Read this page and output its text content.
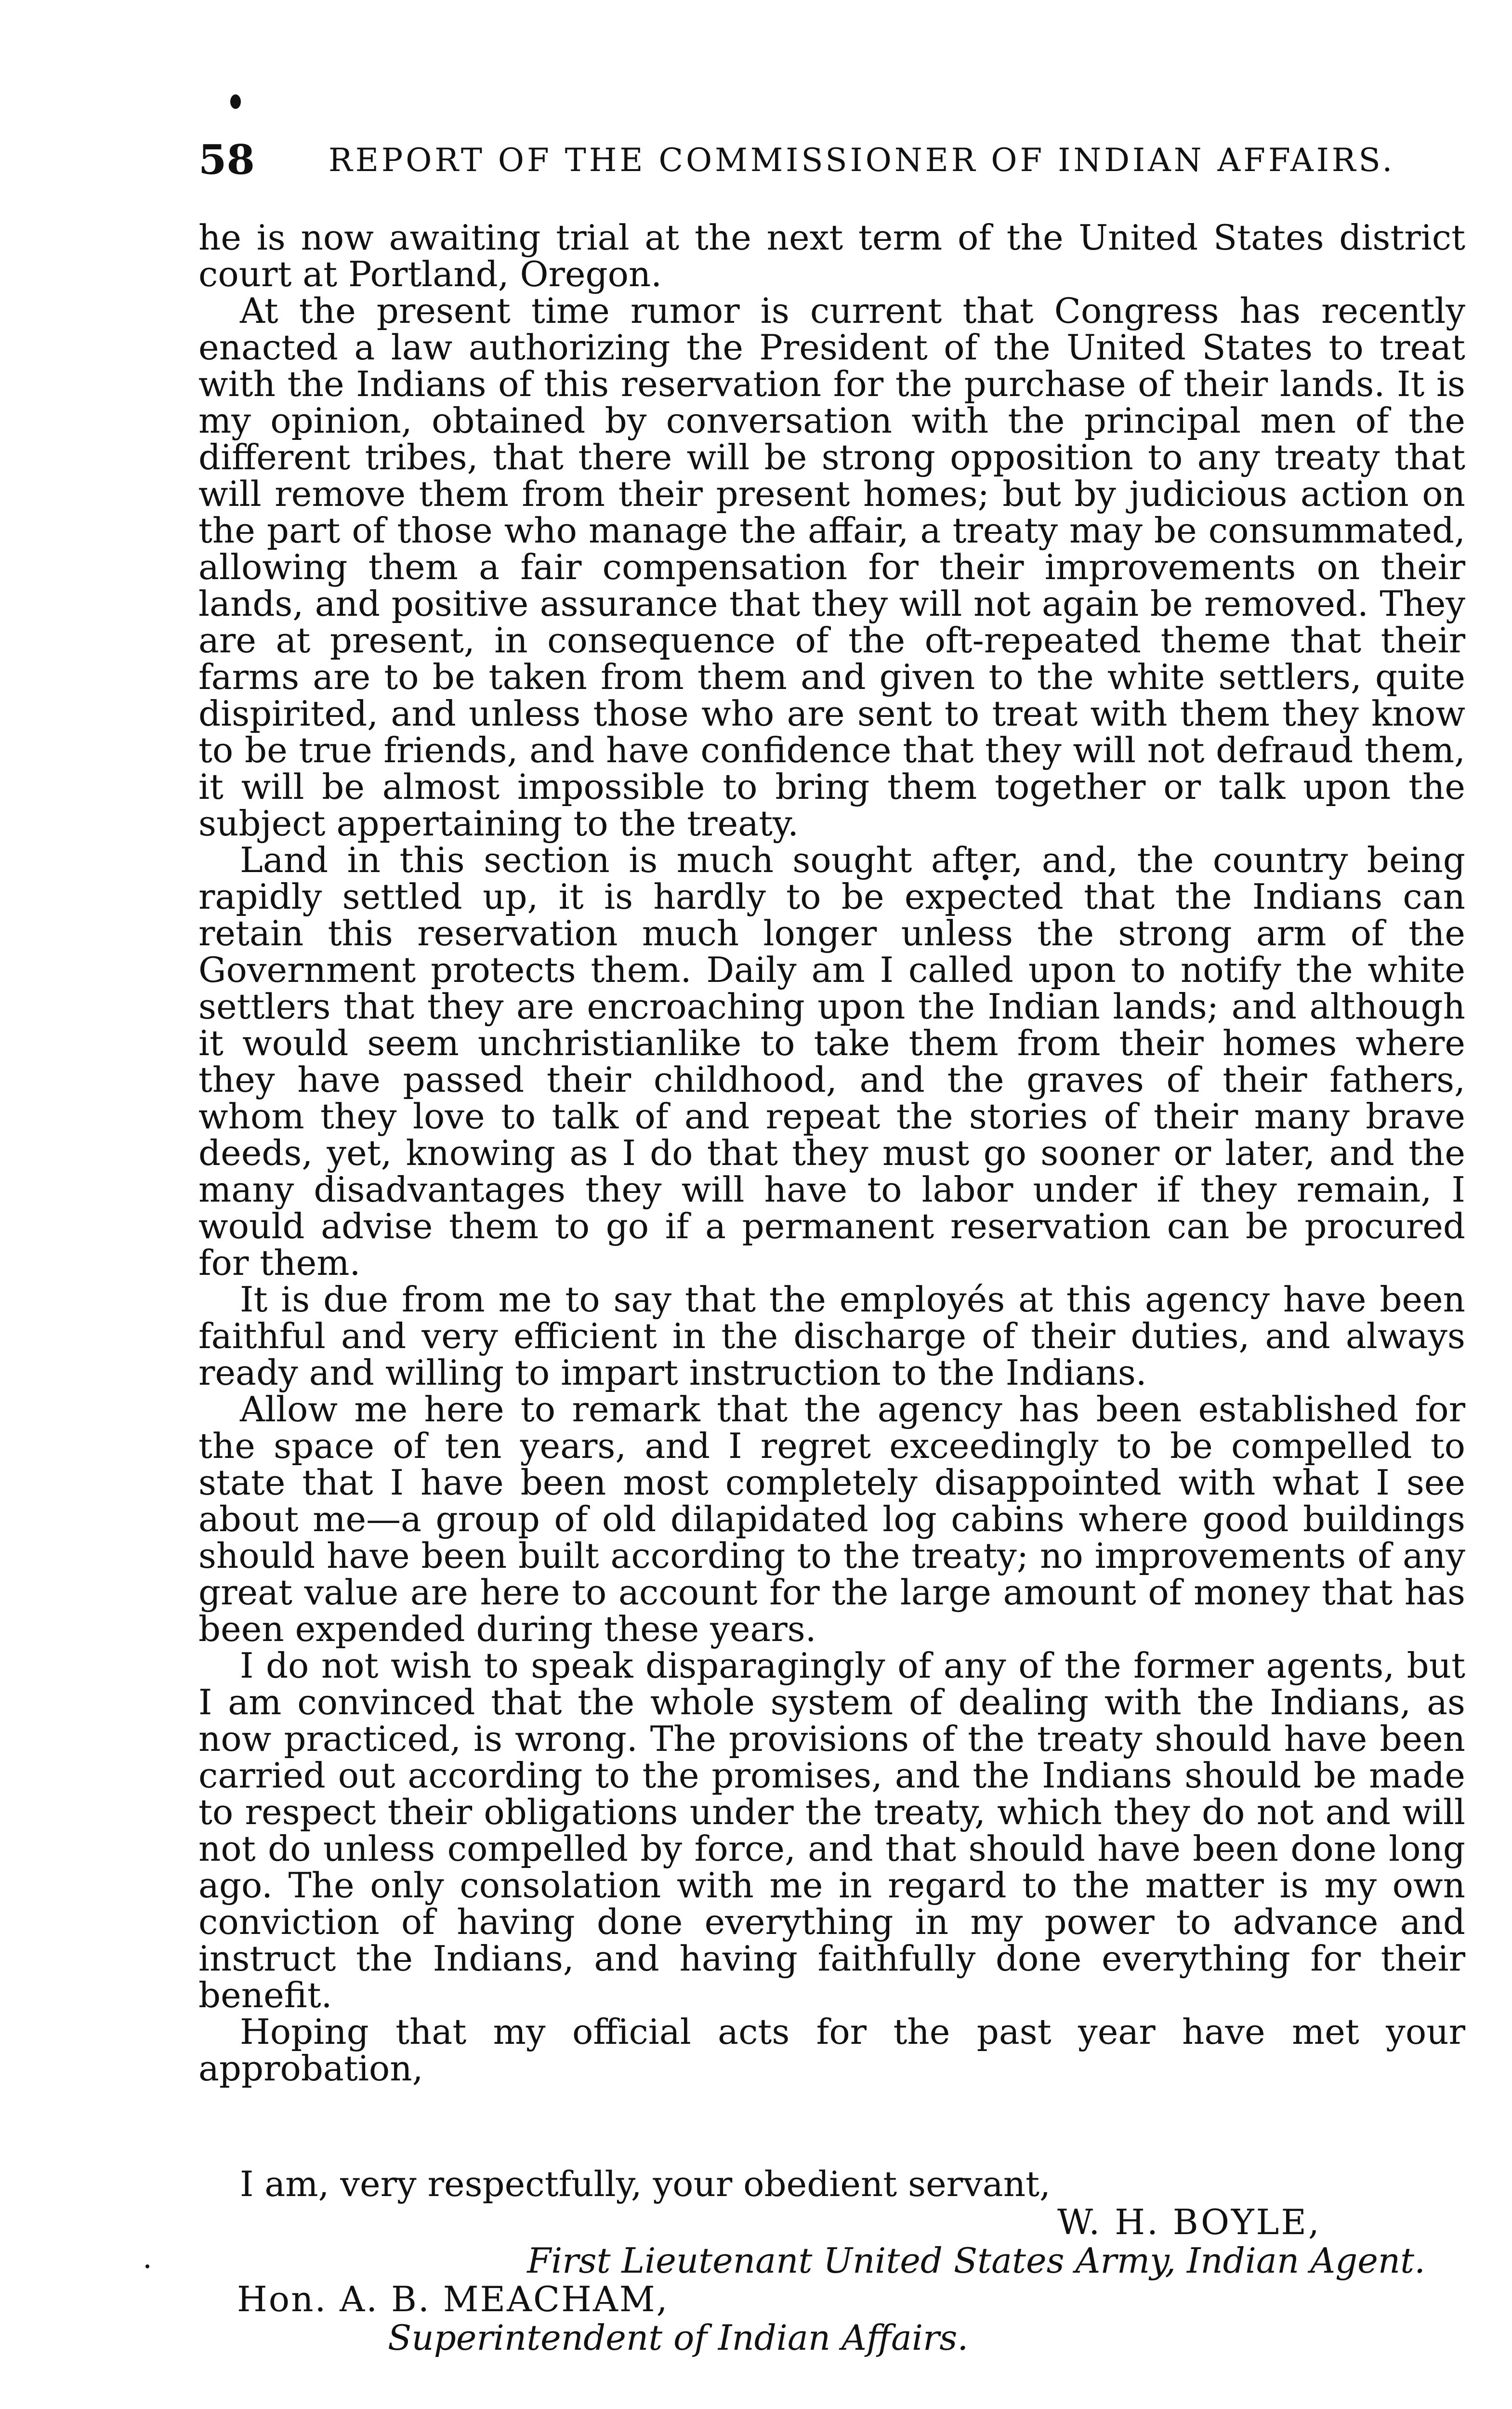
58 REPORT OF THE COMMISSIONER OF INDIAN AFFAIRS.

he is now awaiting trial at the next term of the United States district court at Portland, Oregon.

At the present time rumor is current that Congress has recently enacted a law authorizing the President of the United States to treat with the Indians of this reservation for the purchase of their lands. It is my opinion, obtained by conversation with the principal men of the different tribes, that there will be strong opposition to any treaty that will remove them from their present homes; but by judicious action on the part of those who manage the affair, a treaty may be consummated, allowing them a fair compensation for their improvements on their lands, and positive assurance that they will not again be removed. They are at present, in consequence of the oft-repeated theme that their farms are to be taken from them and given to the white settlers, quite dispirited, and unless those who are sent to treat with them they know to be true friends, and have confidence that they will not defraud them, it will be almost impossible to bring them together or talk upon the subject appertaining to the treaty.

Land in this section is much sought after, and, the country being rapidly settled up, it is hardly to be expected that the Indians can retain this reservation much longer unless the strong arm of the Government protects them. Daily am I called upon to notify the white settlers that they are encroaching upon the Indian lands; and although it would seem unchristianlike to take them from their homes where they have passed their childhood, and the graves of their fathers, whom they love to talk of and repeat the stories of their many brave deeds, yet, knowing as I do that they must go sooner or later, and the many disadvantages they will have to labor under if they remain, I would advise them to go if a permanent reservation can be procured for them.

It is due from me to say that the employés at this agency have been faithful and very efficient in the discharge of their duties, and always ready and willing to impart instruction to the Indians.

Allow me here to remark that the agency has been established for the space of ten years, and I regret exceedingly to be compelled to state that I have been most completely disappointed with what I see about me—a group of old dilapidated log cabins where good buildings should have been built according to the treaty; no improvements of any great value are here to account for the large amount of money that has been expended during these years.

I do not wish to speak disparagingly of any of the former agents, but I am convinced that the whole system of dealing with the Indians, as now practiced, is wrong. The provisions of the treaty should have been carried out according to the promises, and the Indians should be made to respect their obligations under the treaty, which they do not and will not do unless compelled by force, and that should have been done long ago. The only consolation with me in regard to the matter is my own conviction of having done everything in my power to advance and instruct the Indians, and having faithfully done everything for their benefit.

Hoping that my official acts for the past year have met your approbation,

I am, very respectfully, your obedient servant,
W. H. BOYLE,
First Lieutenant United States Army, Indian Agent.
Hon. A. B. MEACHAM,
Superintendent of Indian Affairs.
